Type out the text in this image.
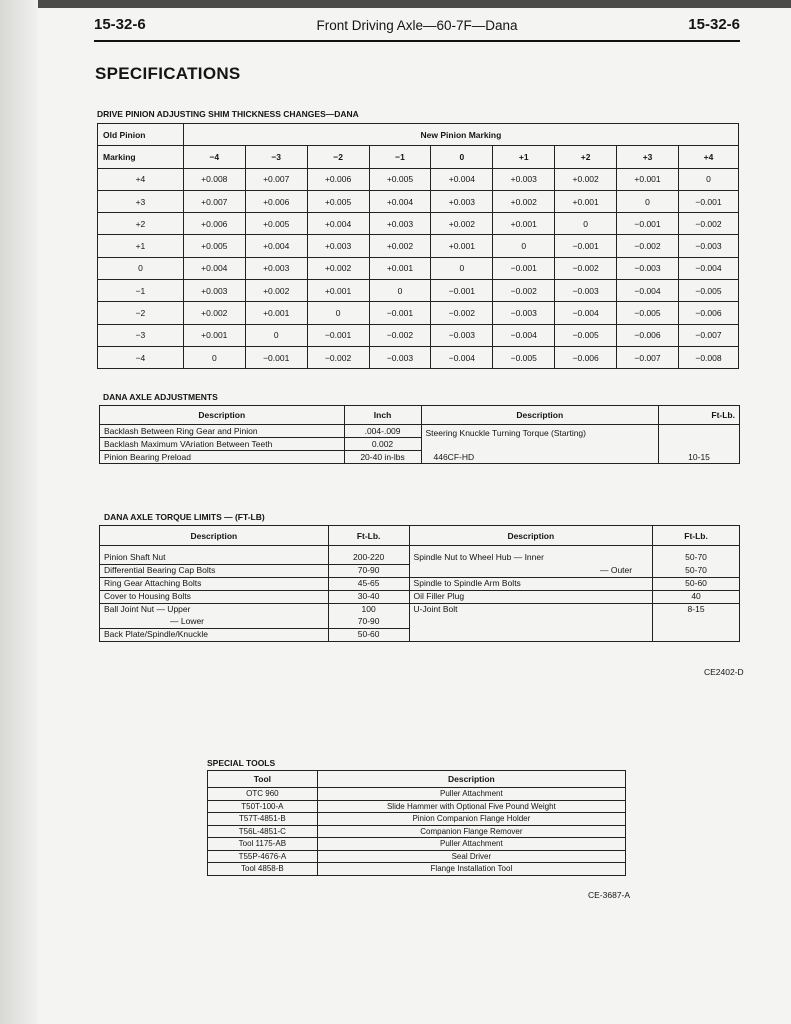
15-32-6	Front Driving Axle—60-7F—Dana	15-32-6
SPECIFICATIONS
DRIVE PINION ADJUSTING SHIM THICKNESS CHANGES—DANA
Old Pinion	New Pinion Marking								
Marking	−4	−3	−2	−1	0	+1	+2	+3	+4
+4	+0.008	+0.007	+0.006	+0.005	+0.004	+0.003	+0.002	+0.001	0
+3	+0.007	+0.006	+0.005	+0.004	+0.003	+0.002	+0.001	0	−0.001
+2	+0.006	+0.005	+0.004	+0.003	+0.002	+0.001	0	−0.001	−0.002
+1	+0.005	+0.004	+0.003	+0.002	+0.001	0	−0.001	−0.002	−0.003
0	+0.004	+0.003	+0.002	+0.001	0	−0.001	−0.002	−0.003	−0.004
−1	+0.003	+0.002	+0.001	0	−0.001	−0.002	−0.003	−0.004	−0.005
−2	+0.002	+0.001	0	−0.001	−0.002	−0.003	−0.004	−0.005	−0.006
−3	+0.001	0	−0.001	−0.002	−0.003	−0.004	−0.005	−0.006	−0.007
−4	0	−0.001	−0.002	−0.003	−0.004	−0.005	−0.006	−0.007	−0.008
DANA AXLE ADJUSTMENTS
Description	Inch	Description	Ft-Lb.
Backlash Between Ring Gear and Pinion	.004-.009	Steering Knuckle Turning Torque (Starting)	
Backlash Maximum VAriation Between Teeth	0.002		
Pinion Bearing Preload	20-40 in-lbs	446CF-HD	10-15
DANA AXLE TORQUE LIMITS — (FT-LB)
Description	Ft-Lb.	Description	Ft-Lb.
Pinion Shaft Nut	200-220	Spindle Nut to Wheel Hub — Inner	50-70
Differential Bearing Cap Bolts	70-90	— Outer	50-70
Ring Gear Attaching Bolts	45-65	Spindle to Spindle Arm Bolts	50-60
Cover to Housing Bolts	30-40	Oil Filler Plug	40
Ball Joint Nut — Upper	100	U-Joint Bolt	8-15
— Lower	70-90		
Back Plate/Spindle/Knuckle	50-60		
CE2402-D
SPECIAL TOOLS
Tool	Description
OTC 960	Puller Attachment
T50T-100-A	Slide Hammer with Optional Five Pound Weight
T57T-4851-B	Pinion Companion Flange Holder
T56L-4851-C	Companion Flange Remover
Tool 1175-AB	Puller Attachment
T55P-4676-A	Seal Driver
Tool 4858-B	Flange Installation Tool
CE-3687-A
